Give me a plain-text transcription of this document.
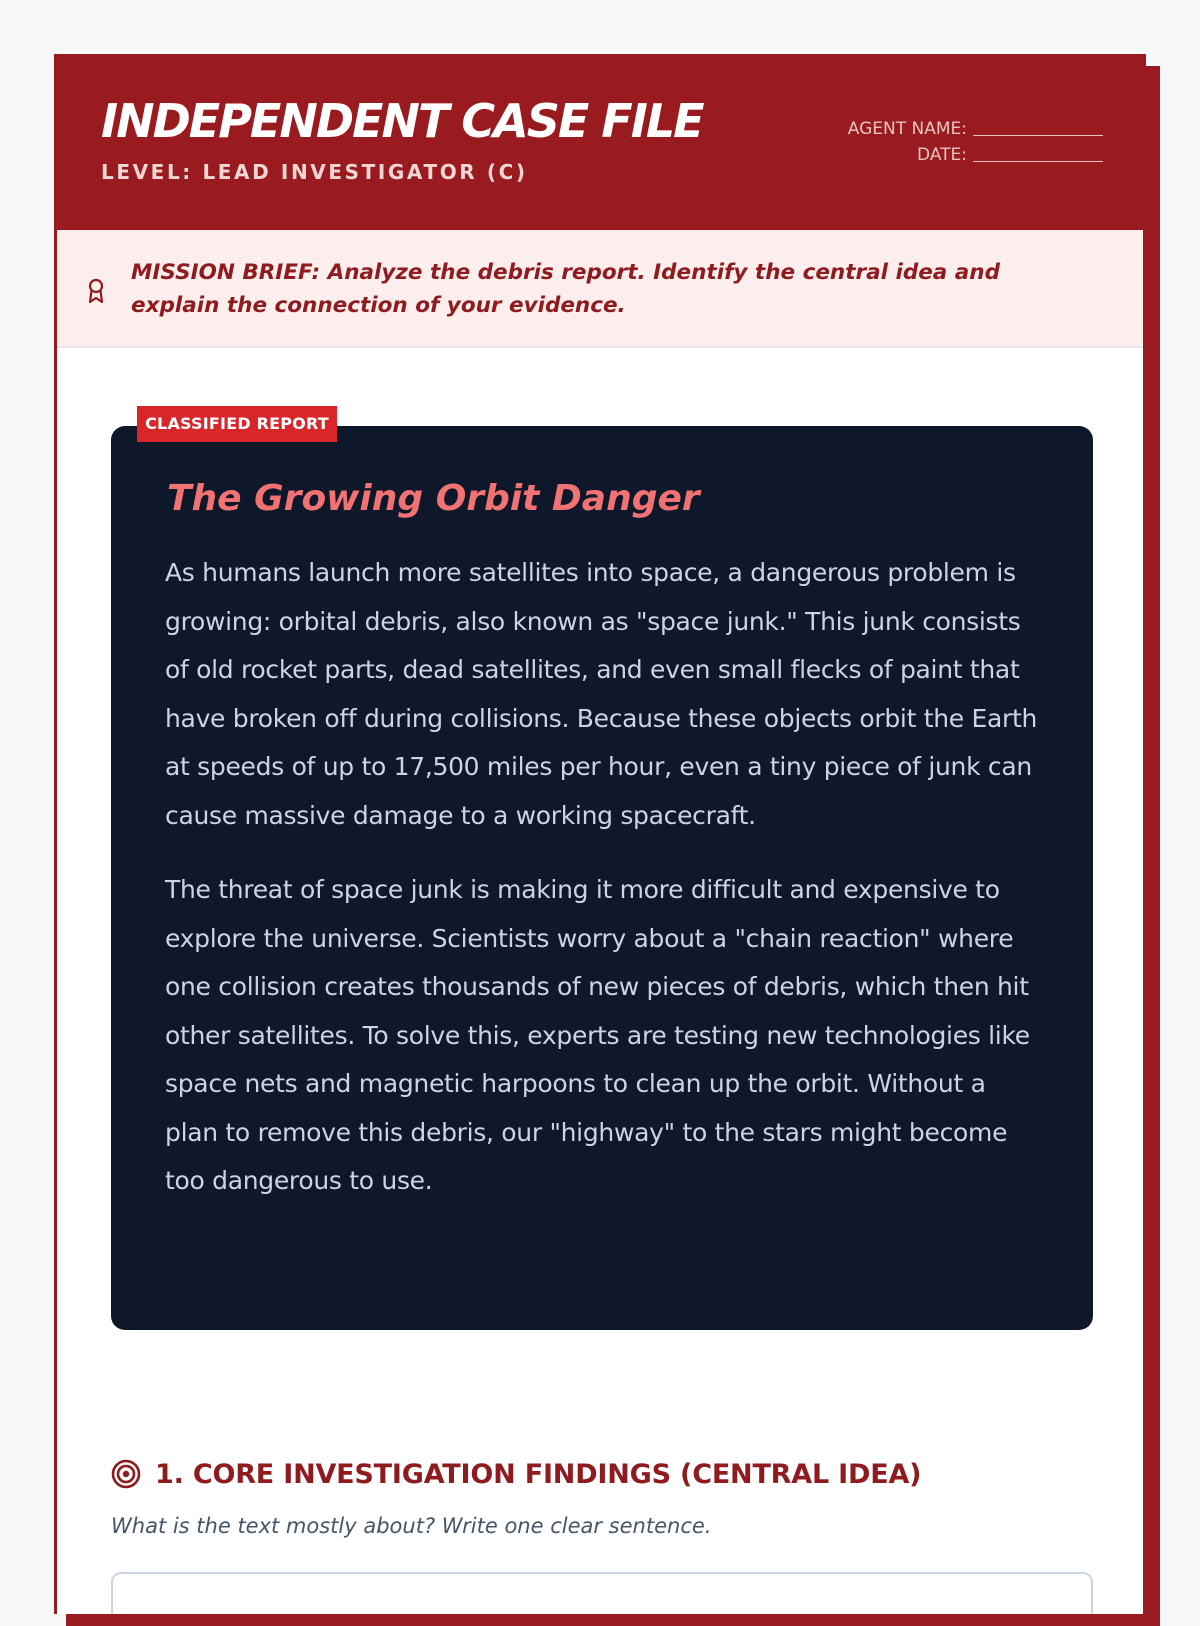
INDEPENDENT CASE FILE
LEVEL: LEAD INVESTIGATOR (C)
AGENT NAME:
DATE:
MISSION BRIEF: Analyze the debris report. Identify the central idea and explain the connection of your evidence.
CLASSIFIED REPORT
The Growing Orbit Danger

As humans launch more satellites into space, a dangerous problem is growing: orbital debris, also known as "space junk." This junk consists of old rocket parts, dead satellites, and even small flecks of paint that have broken off during collisions. Because these objects orbit the Earth at speeds of up to 17,500 miles per hour, even a tiny piece of junk can cause massive damage to a working spacecraft.

The threat of space junk is making it more difficult and expensive to explore the universe. Scientists worry about a "chain reaction" where one collision creates thousands of new pieces of debris, which then hit other satellites. To solve this, experts are testing new technologies like space nets and magnetic harpoons to clean up the orbit. Without a plan to remove this debris, our "highway" to the stars might become too dangerous to use.

1. CORE INVESTIGATION FINDINGS (CENTRAL IDEA)
What is the text mostly about? Write one clear sentence.
